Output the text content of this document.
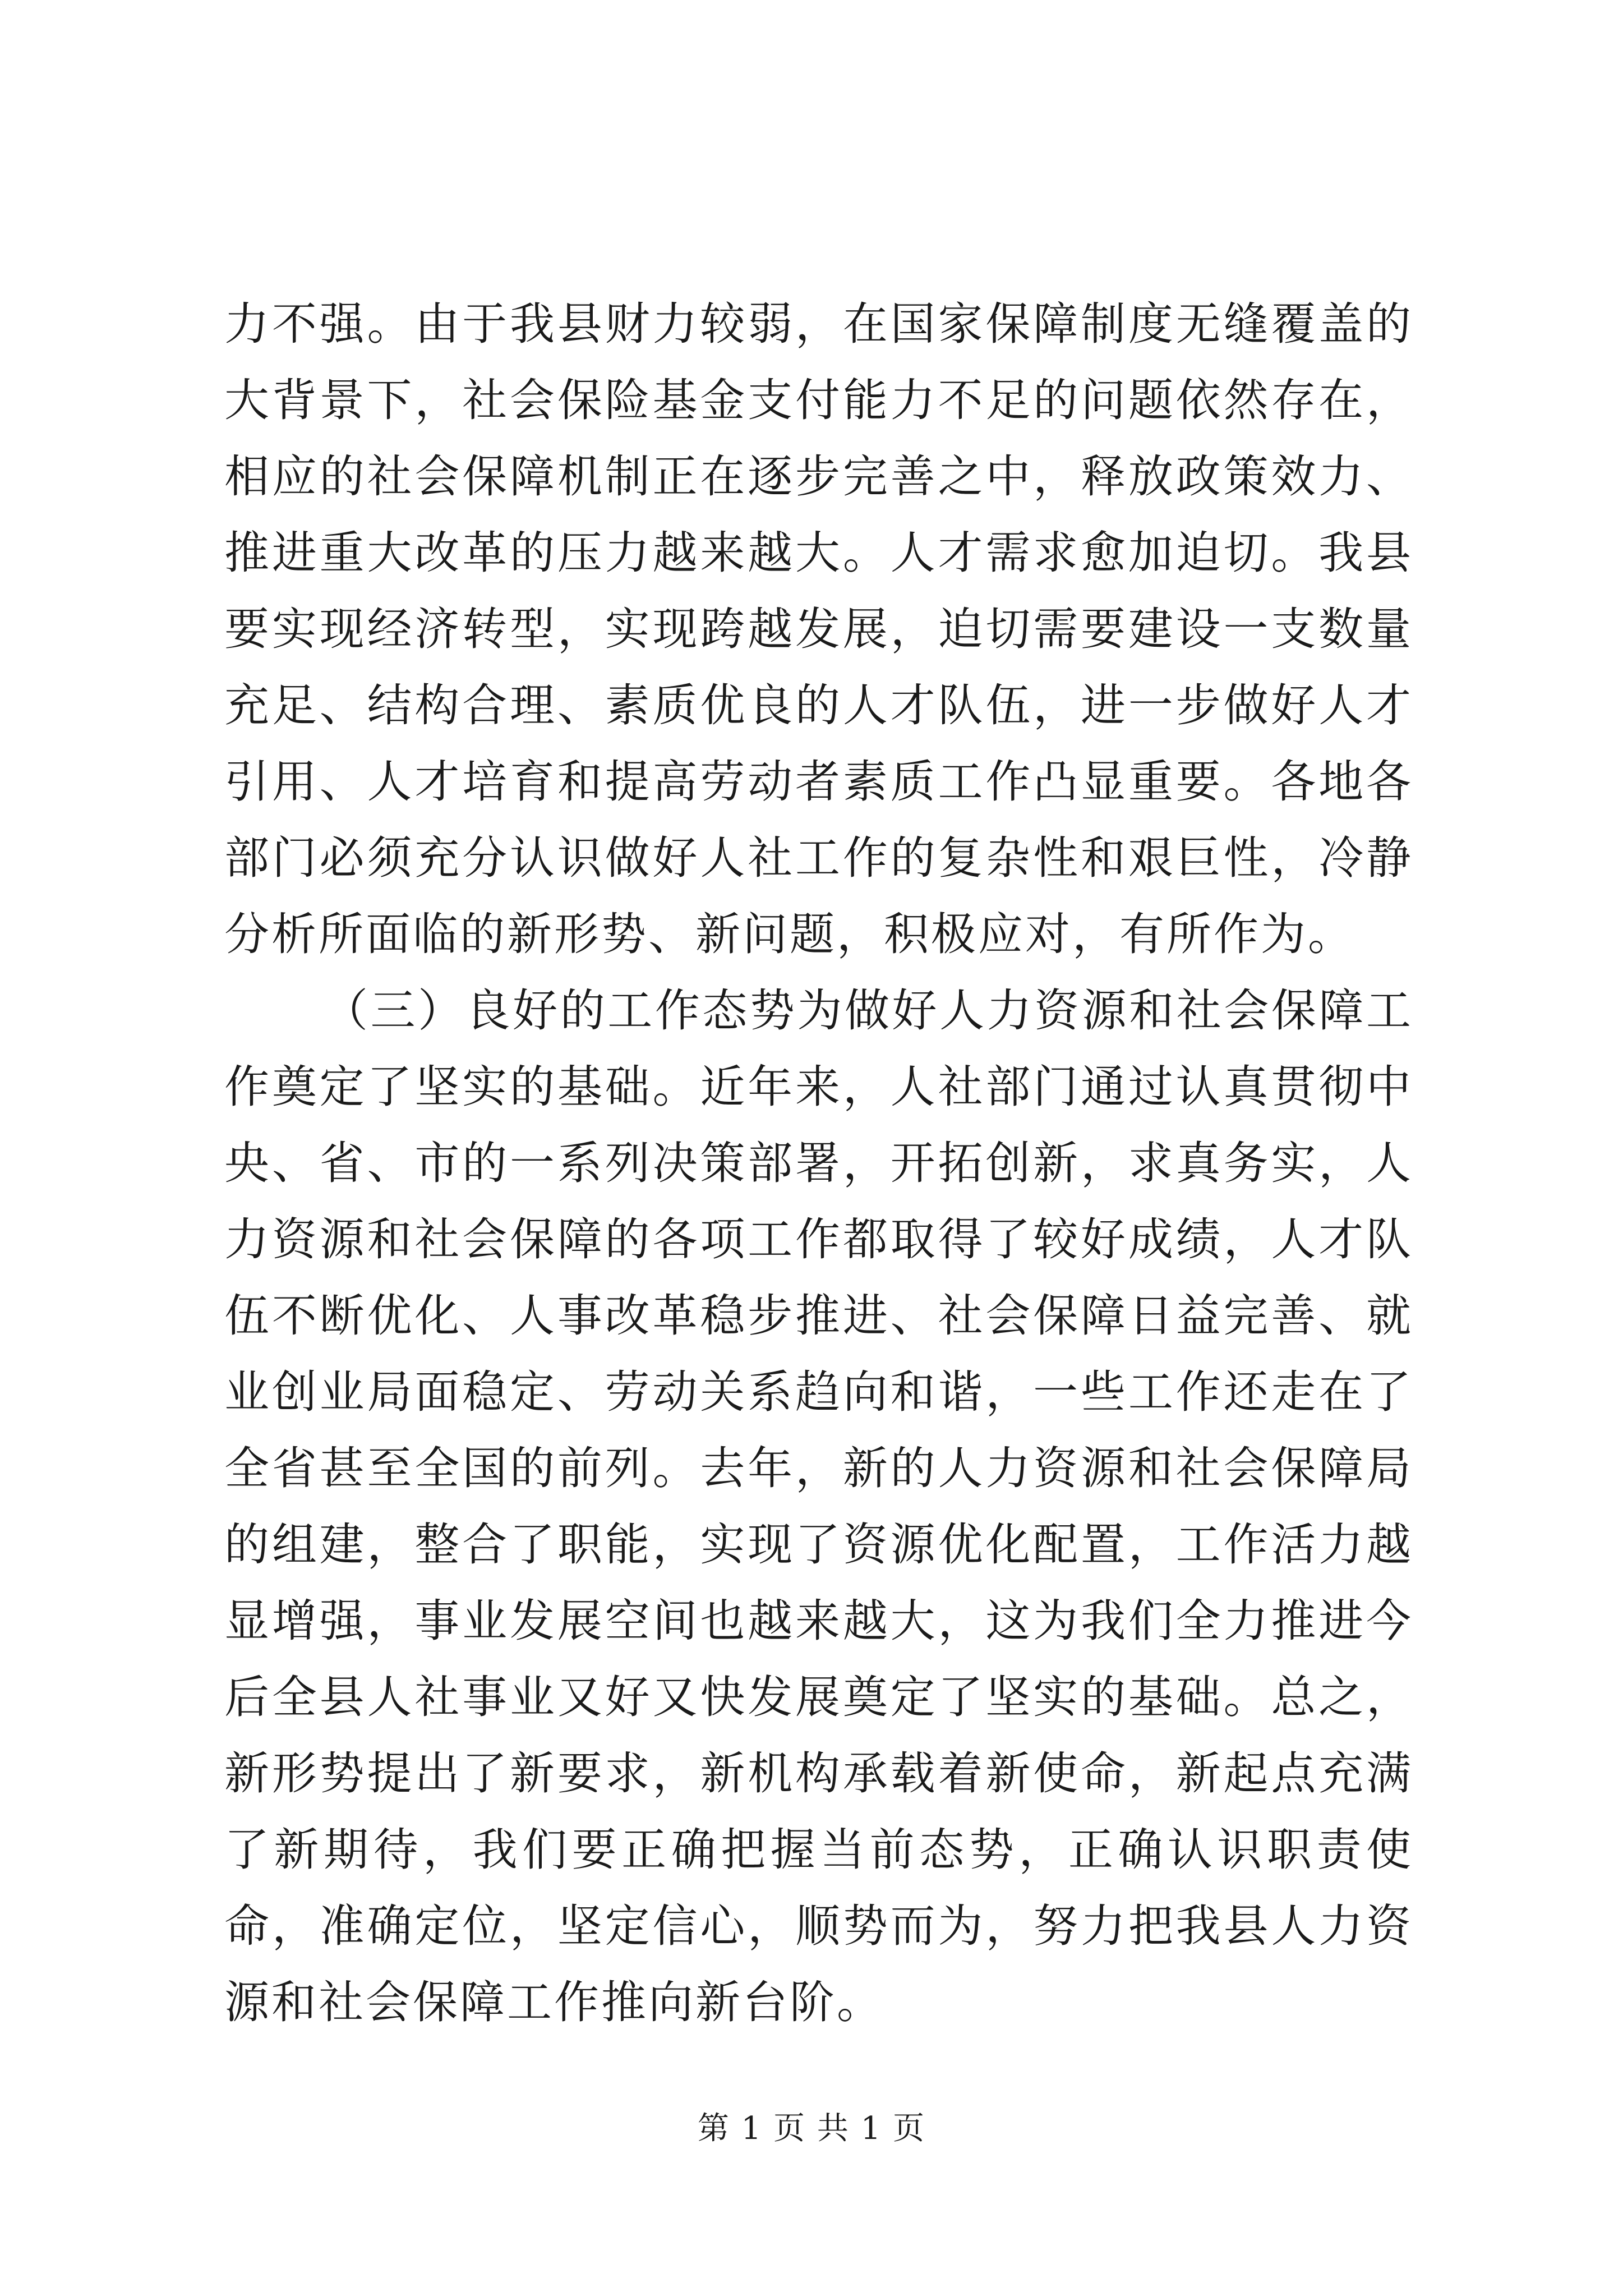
力不强。由于我县财力较弱，在国家保障制度无缝覆盖的大背景下，社会保险基金支付能力不足的问题依然存在，相应的社会保障机制正在逐步完善之中，释放政策效力、推进重大改革的压力越来越大。人才需求愈加迫切。我县要实现经济转型，实现跨越发展，迫切需要建设一支数量充足、结构合理、素质优良的人才队伍，进一步做好人才引用、人才培育和提高劳动者素质工作凸显重要。各地各部门必须充分认识做好人社工作的复杂性和艰巨性，冷静分析所面临的新形势、新问题，积极应对，有所作为。

（三）良好的工作态势为做好人力资源和社会保障工作奠定了坚实的基础。近年来，人社部门通过认真贯彻中央、省、市的一系列决策部署，开拓创新，求真务实，人力资源和社会保障的各项工作都取得了较好成绩，人才队伍不断优化、人事改革稳步推进、社会保障日益完善、就业创业局面稳定、劳动关系趋向和谐，一些工作还走在了全省甚至全国的前列。去年，新的人力资源和社会保障局的组建，整合了职能，实现了资源优化配置，工作活力越显增强，事业发展空间也越来越大，这为我们全力推进今后全县人社事业又好又快发展奠定了坚实的基础。总之，新形势提出了新要求，新机构承载着新使命，新起点充满了新期待，我们要正确把握当前态势，正确认识职责使命，准确定位，坚定信心，顺势而为，努力把我县人力资源和社会保障工作推向新台阶。

第 1 页 共 1 页
